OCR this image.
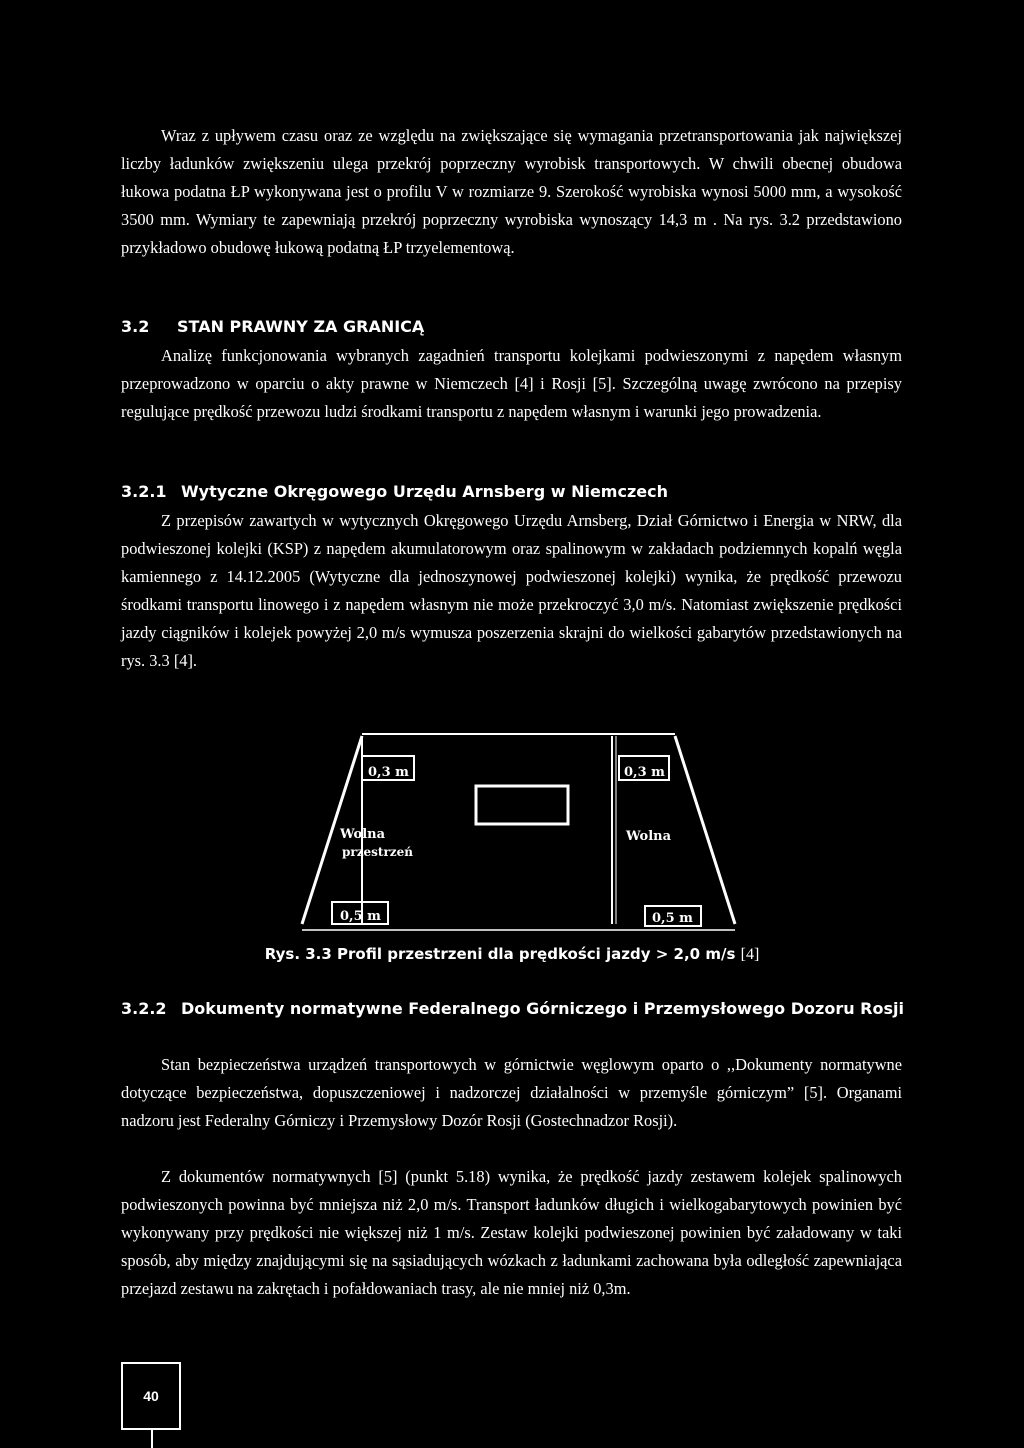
Wraz z upływem czasu oraz ze względu na zwiększające się wymagania przetransportowania jak największej liczby ładunków zwiększeniu ulega przekrój poprzeczny wyrobisk transportowych. W chwili obecnej obudowa łukowa podatna ŁP wykonywana jest o profilu V w rozmiarze 9. Szerokość wyrobiska wynosi 5000 mm, a wysokość 3500 mm. Wymiary te zapewniają przekrój poprzeczny wyrobiska wynoszący 14,3 m . Na rys. 3.2 przedstawiono przykładowo obudowę łukową podatną ŁP trzyelementową.

3.2 STAN PRAWNY ZA GRANICĄ

Analizę funkcjonowania wybranych zagadnień transportu kolejkami podwieszonymi z napędem własnym przeprowadzono w oparciu o akty prawne w Niemczech [4] i Rosji [5]. Szczególną uwagę zwrócono na przepisy regulujące prędkość przewozu ludzi środkami transportu z napędem własnym i warunki jego prowadzenia.

3.2.1 Wytyczne Okręgowego Urzędu Arnsberg w Niemczech

Z przepisów zawartych w wytycznych Okręgowego Urzędu Arnsberg, Dział Górnictwo i Energia w NRW, dla podwieszonej kolejki (KSP) z napędem akumulatorowym oraz spalinowym w zakładach podziemnych kopalń węgla kamiennego z 14.12.2005 (Wytyczne dla jednoszynowej podwieszonej kolejki) wynika, że prędkość przewozu środkami transportu linowego i z napędem własnym nie może przekroczyć 3,0 m/s. Natomiast zwiększenie prędkości jazdy ciągników i kolejek powyżej 2,0 m/s wymusza poszerzenia skrajni do wielkości gabarytów przedstawionych na rys. 3.3 [4].

0,3 m	0,3 m
Wolna
przestrzeń
Wolna
0,5 m	0,5 m
Rys. 3.3 Profil przestrzeni dla prędkości jazdy > 2,0 m/s [4]
3.2.2 Dokumenty normatywne Federalnego Górniczego i Przemysłowego Dozoru Rosji

Stan bezpieczeństwa urządzeń transportowych w górnictwie węglowym oparto o ,,Dokumenty normatywne dotyczące bezpieczeństwa, dopuszczeniowej i nadzorczej działalności w przemyśle górniczym” [5]. Organami nadzoru jest Federalny Górniczy i Przemysłowy Dozór Rosji (Gostechnadzor Rosji).

Z dokumentów normatywnych [5] (punkt 5.18) wynika, że prędkość jazdy zestawem kolejek spalinowych podwieszonych powinna być mniejsza niż 2,0 m/s. Transport ładunków długich i wielkogabarytowych powinien być wykonywany przy prędkości nie większej niż 1 m/s. Zestaw kolejki podwieszonej powinien być załadowany w taki sposób, aby między znajdującymi się na sąsiadujących wózkach z ładunkami zachowana była odległość zapewniająca przejazd zestawu na zakrętach i pofałdowaniach trasy, ale nie mniej niż 0,3m.

40
